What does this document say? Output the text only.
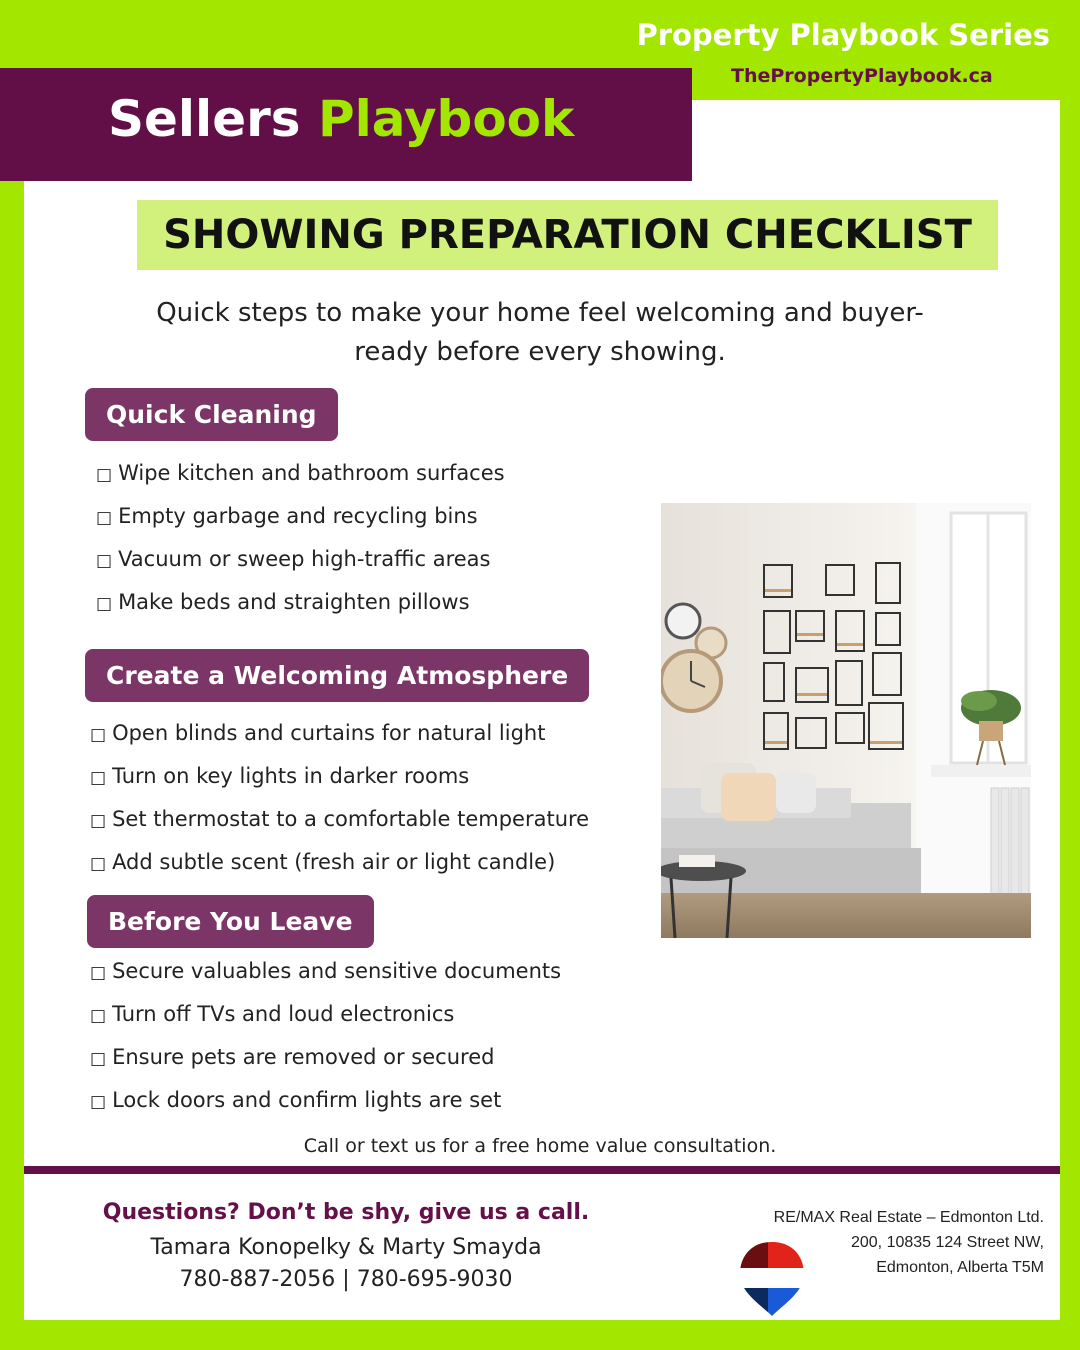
Property Playbook Series
ThePropertyPlaybook.ca
Sellers Playbook
SHOWING PREPARATION CHECKLIST
Quick steps to make your home feel welcoming and buyer-
ready before every showing.
Quick Cleaning
□ Wipe kitchen and bathroom surfaces
□ Empty garbage and recycling bins
□ Vacuum or sweep high-traffic areas
□ Make beds and straighten pillows
Create a Welcoming Atmosphere
□ Open blinds and curtains for natural light
□ Turn on key lights in darker rooms
□ Set thermostat to a comfortable temperature
□ Add subtle scent (fresh air or light candle)
Before You Leave
□ Secure valuables and sensitive documents
□ Turn off TVs and loud electronics
□ Ensure pets are removed or secured
□ Lock doors and confirm lights are set
Call or text us for a free home value consultation.
Questions? Don’t be shy, give us a call.
Tamara Konopelky & Marty Smayda
780-887-2056 | 780-695-9030
RE/MAX Real Estate – Edmonton Ltd.
200, 10835 124 Street NW,
Edmonton, Alberta T5M
